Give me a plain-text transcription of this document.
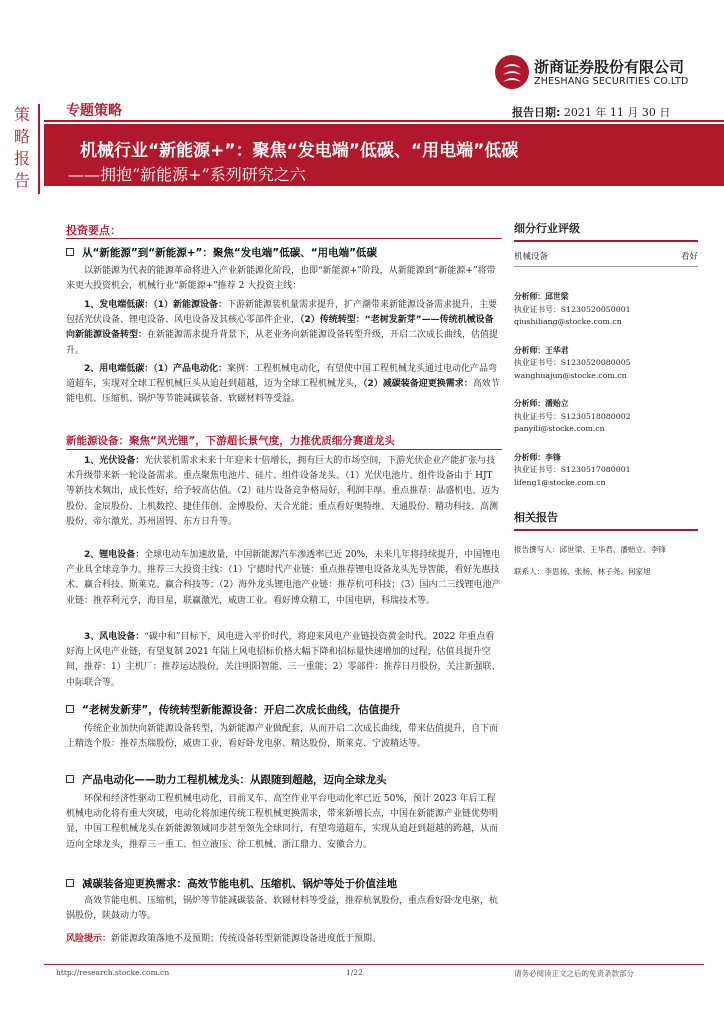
浙商证券股份有限公司
ZHESHANG SECURITIES CO.LTD
策
略
报
告
专题策略	报告日期: 2021 年 11 月 30 日
机械行业“新能源+”：聚焦“发电端”低碳、“用电端”低碳
——拥抱“新能源+”系列研究之六
投资要点：
从“新能源”到“新能源+”：聚焦“发电端”低碳、“用电端”低碳
以新能源为代表的能源革命将进入产业新能源化阶段，也即“新能源+”阶段，从新能源到“新能源+”将带来更大投资机会，机械行业“新能源+”推荐 2 大投资主线：
1、发电端低碳：（1）新能源设备：下游新能源装机量需求提升，扩产潮带来新能源设备需求提升，主要包括光伏设备、锂电设备、风电设备及其核心零部件企业，（2）传统转型：“老树发新芽”——传统机械设备向新能源设备转型：在新能源需求提升背景下，从老业务向新能源设备转型升级，开启二次成长曲线，估值提升。
2、用电端低碳：（1）产品电动化：案例：工程机械电动化，有望使中国工程机械龙头通过电动化产品弯道超车，实现对全球工程机械巨头从追赶到超越，迈为全球工程机械龙头，（2）减碳装备迎更换需求：高效节能电机、压缩机、锅炉等节能减碳装备、软磁材料等受益。
新能源设备：聚焦“风光锂”，下游超长景气度，力推优质细分赛道龙头
1、光伏设备：光伏装机需求未来十年迎来十倍增长，拥有巨大的市场空间，下游光伏企业产能扩张与技术升级带来新一轮设备需求。重点聚焦电池片、硅片、组件设备龙头。（1）光伏电池片、组件设备由于 HJT 等新技术频出，成长性好，给予较高估值。（2）硅片设备竞争格局好，利润丰厚。重点推荐：晶盛机电、迈为股份、金辰股份、上机数控、捷佳伟创、金博股份、天合光能；重点看好奥特维、天通股份、精功科技、高测股份、帝尔激光、苏州固锝、东方日升等。
2、锂电设备：全球电动车加速放量，中国新能源汽车渗透率已近 20%，未来几年将持续提升，中国锂电产业具全球竞争力。推荐三大投资主线：（1）宁德时代产业链：重点推荐锂电设备龙头先导智能，看好先惠技术、赢合科技、斯莱克、赢合科技等；（2）海外龙头锂电池产业链：推荐杭可科技；（3）国内二三线锂电池产业链：推荐利元亨，海目星，联赢激光，威唐工业。看好博众精工，中国电研，科瑞技术等。
3、风电设备：“碳中和”目标下，风电进入平价时代，将迎来风电产业链投资黄金时代。2022 年重点看好海上风电产业链，有望复制 2021 年陆上风电招标价格大幅下降和招标量快速增加的过程，估值具提升空间，推荐：1）主机厂：推荐运达股份，关注明阳智能、三一重能；2）零部件：推荐日月股份，关注新强联、中际联合等。
“老树发新芽”，传统转型新能源设备：开启二次成长曲线，估值提升
传统企业加快向新能源设备转型，为新能源产业做配套，从而开启二次成长曲线，带来估值提升，自下而上精选个股：推荐杰瑞股份，威唐工业，看好卧龙电驱、精达股份，斯莱克、宁波精达等。
产品电动化——助力工程机械龙头：从跟随到超越，迈向全球龙头
环保和经济性驱动工程机械电动化，目前叉车、高空作业平台电动化率已近 50%，预计 2023 年后工程机械电动化将有重大突破，电动化将加速传统工程机械更换需求，带来新增长点，中国在新能源产业链优势明显，中国工程机械龙头在新能源领域同步甚至领先全球同行，有望弯道超车，实现从追赶到超越的跨越，从而迈向全球龙头，推荐三一重工、恒立液压、徐工机械、浙江鼎力、安徽合力。
减碳装备迎更换需求：高效节能电机、压缩机、锅炉等处于价值洼地
高效节能电机、压缩机，锅炉等节能减碳装备、软磁材料等受益，推荐杭氧股份，重点看好卧龙电驱，杭锅股份，陕鼓动力等。
风险提示：新能源政策落地不及预期；传统设备转型新能源设备进度低于预期。
细分行业评级
机械设备	看好
分析师：邱世梁
执业证书号：S1230520050001
qiushiliang@stocke.com.cn
分析师：王华君
执业证书号：S1230520080005
wanghuajun@stocke.com.cn
分析师：潘贻立
执业证书号：S1230518080002
panyili@stocke.com.cn
分析师：李锋
执业证书号：S1230517080001
lifeng1@stocke.com.cn
相关报告
报告撰写人：邱世梁、王华君、潘贻立、李锋
联系人：李思扬、张杨、林子尧、何家旭
http://research.stocke.com.cn	1/22	请务必阅读正文之后的免责条款部分
